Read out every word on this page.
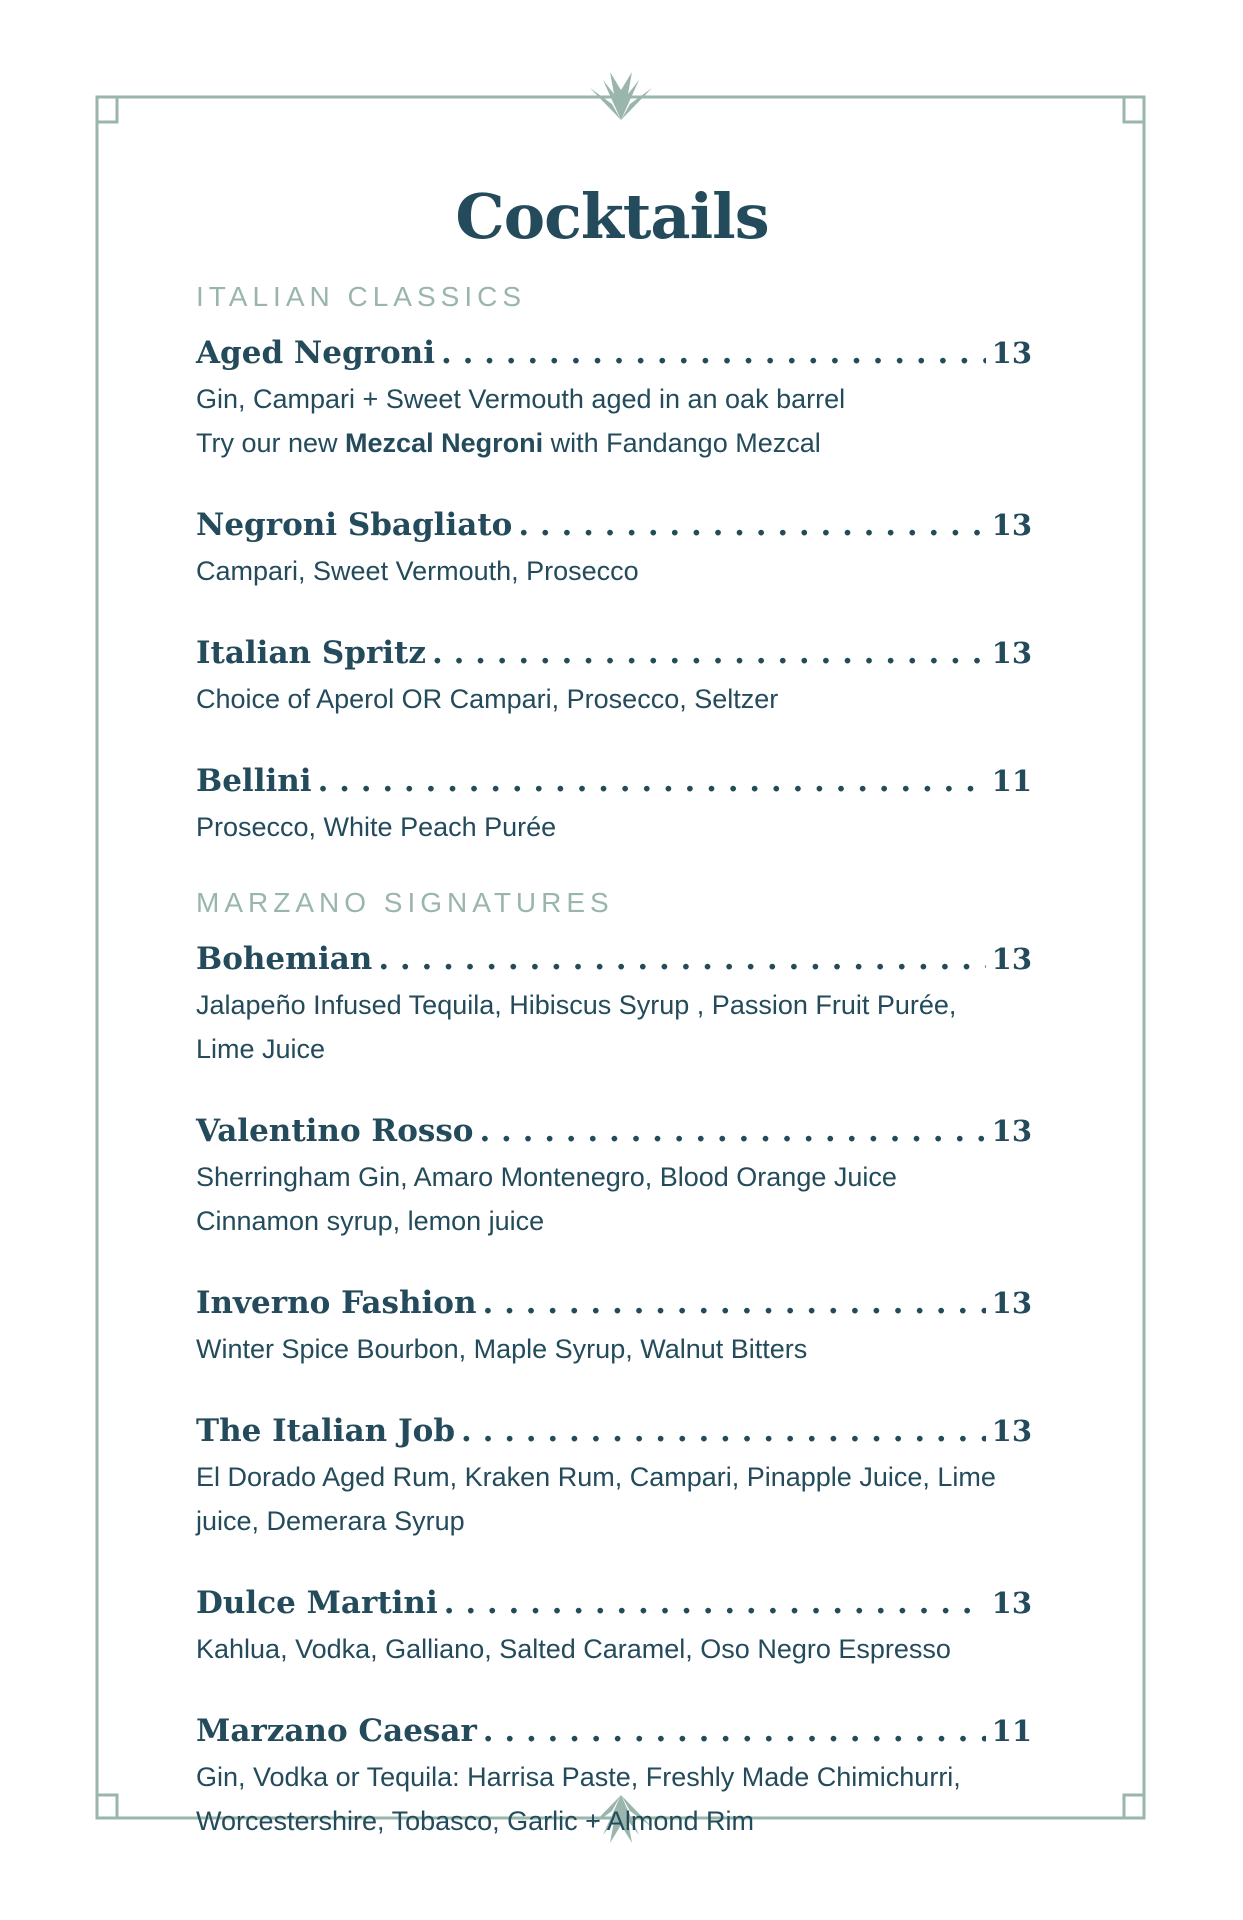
Cocktails
ITALIAN CLASSICS
Aged Negroni . . .	13
Gin, Campari + Sweet Vermouth aged in an oak barrel
Try our new Mezcal Negroni with Fandango Mezcal
Negroni Sbagliato . . .	13
Campari, Sweet Vermouth, Prosecco
Italian Spritz . . .	13
Choice of Aperol OR Campari, Prosecco, Seltzer
Bellini . . .	11
Prosecco, White Peach Purée
MARZANO SIGNATURES
Bohemian . . .	13
Jalapeño Infused Tequila, Hibiscus Syrup , Passion Fruit Purée,
Lime Juice
Valentino Rosso . . .	13
Sherringham Gin, Amaro Montenegro, Blood Orange Juice
Cinnamon syrup, lemon juice
Inverno Fashion . . .	13
Winter Spice Bourbon, Maple Syrup, Walnut Bitters
The Italian Job . . .	13
El Dorado Aged Rum, Kraken Rum, Campari, Pinapple Juice, Lime
juice, Demerara Syrup
Dulce Martini . . .	13
Kahlua, Vodka, Galliano, Salted Caramel, Oso Negro Espresso
Marzano Caesar . . .	11
Gin, Vodka or Tequila: Harrisa Paste, Freshly Made Chimichurri,
Worcestershire, Tobasco, Garlic + Almond Rim
